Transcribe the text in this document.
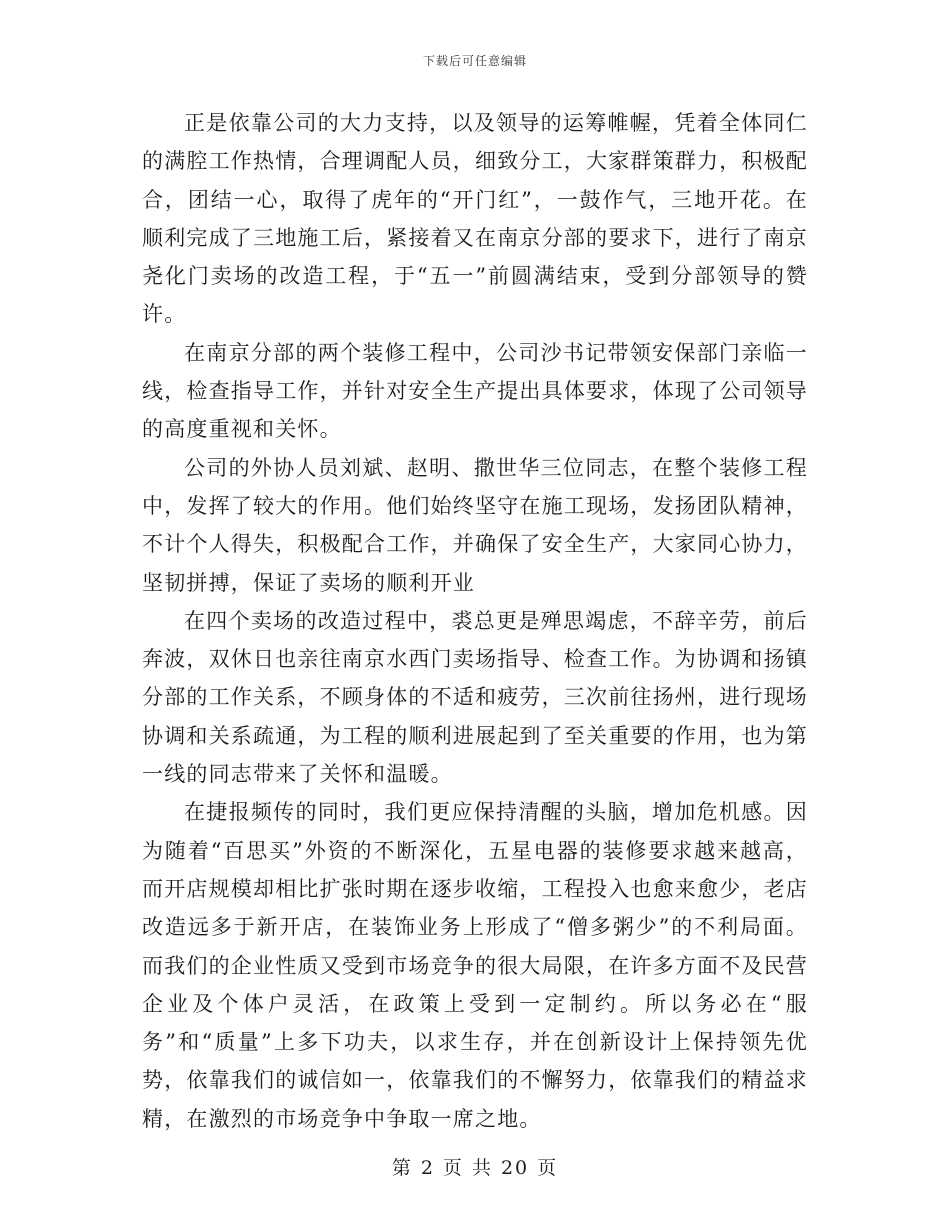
下载后可任意编辑

正是依靠公司的大力支持，以及领导的运筹帷幄，凭着全体同仁的满腔工作热情，合理调配人员，细致分工，大家群策群力，积极配合，团结一心，取得了虎年的“开门红”，一鼓作气，三地开花。在顺利完成了三地施工后，紧接着又在南京分部的要求下，进行了南京尧化门卖场的改造工程，于“五一”前圆满结束，受到分部领导的赞许。

在南京分部的两个装修工程中，公司沙书记带领安保部门亲临一线，检查指导工作，并针对安全生产提出具体要求，体现了公司领导的高度重视和关怀。

公司的外协人员刘斌、赵明、撒世华三位同志，在整个装修工程中，发挥了较大的作用。他们始终坚守在施工现场，发扬团队精神，不计个人得失，积极配合工作，并确保了安全生产，大家同心协力，坚韧拼搏，保证了卖场的顺利开业

在四个卖场的改造过程中，裘总更是殚思竭虑，不辞辛劳，前后奔波，双休日也亲往南京水西门卖场指导、检查工作。为协调和扬镇分部的工作关系，不顾身体的不适和疲劳，三次前往扬州，进行现场协调和关系疏通，为工程的顺利进展起到了至关重要的作用，也为第一线的同志带来了关怀和温暖。

在捷报频传的同时，我们更应保持清醒的头脑，增加危机感。因为随着“百思买”外资的不断深化，五星电器的装修要求越来越高，而开店规模却相比扩张时期在逐步收缩，工程投入也愈来愈少，老店改造远多于新开店，在装饰业务上形成了“僧多粥少”的不利局面。而我们的企业性质又受到市场竞争的很大局限，在许多方面不及民营企业及个体户灵活，在政策上受到一定制约。所以务必在“服务”和“质量”上多下功夫，以求生存，并在创新设计上保持领先优势，依靠我们的诚信如一，依靠我们的不懈努力，依靠我们的精益求精，在激烈的市场竞争中争取一席之地。

第 2 页 共 20 页
